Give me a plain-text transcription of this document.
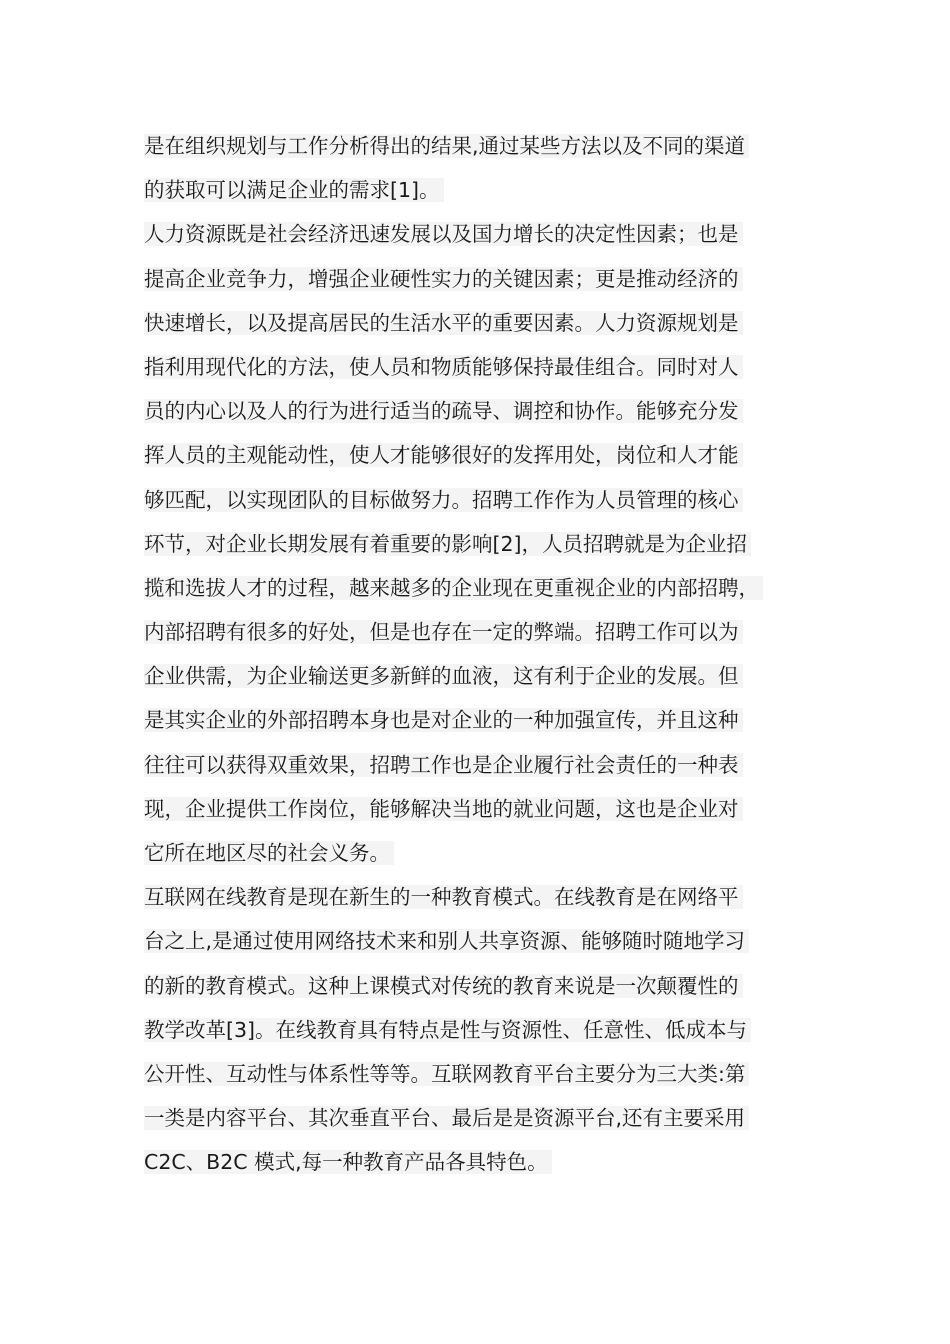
是在组织规划与工作分析得出的结果,通过某些方法以及不同的渠道
的获取可以满足企业的需求[1]。
人力资源既是社会经济迅速发展以及国力增长的决定性因素；也是
提高企业竞争力，增强企业硬性实力的关键因素；更是推动经济的
快速增长，以及提高居民的生活水平的重要因素。人力资源规划是
指利用现代化的方法，使人员和物质能够保持最佳组合。同时对人
员的内心以及人的行为进行适当的疏导、调控和协作。能够充分发
挥人员的主观能动性，使人才能够很好的发挥用处，岗位和人才能
够匹配，以实现团队的目标做努力。招聘工作作为人员管理的核心
环节，对企业长期发展有着重要的影响[2]，人员招聘就是为企业招
揽和选拔人才的过程，越来越多的企业现在更重视企业的内部招聘，
内部招聘有很多的好处，但是也存在一定的弊端。招聘工作可以为
企业供需，为企业输送更多新鲜的血液，这有利于企业的发展。但
是其实企业的外部招聘本身也是对企业的一种加强宣传，并且这种
往往可以获得双重效果，招聘工作也是企业履行社会责任的一种表
现，企业提供工作岗位，能够解决当地的就业问题，这也是企业对
它所在地区尽的社会义务。
互联网在线教育是现在新生的一种教育模式。在线教育是在网络平
台之上,是通过使用网络技术来和别人共享资源、能够随时随地学习
的新的教育模式。这种上课模式对传统的教育来说是一次颠覆性的
教学改革[3]。在线教育具有特点是性与资源性、任意性、低成本与
公开性、互动性与体系性等等。互联网教育平台主要分为三大类:第
一类是内容平台、其次垂直平台、最后是是资源平台,还有主要采用
C2C、B2C 模式,每一种教育产品各具特色。
